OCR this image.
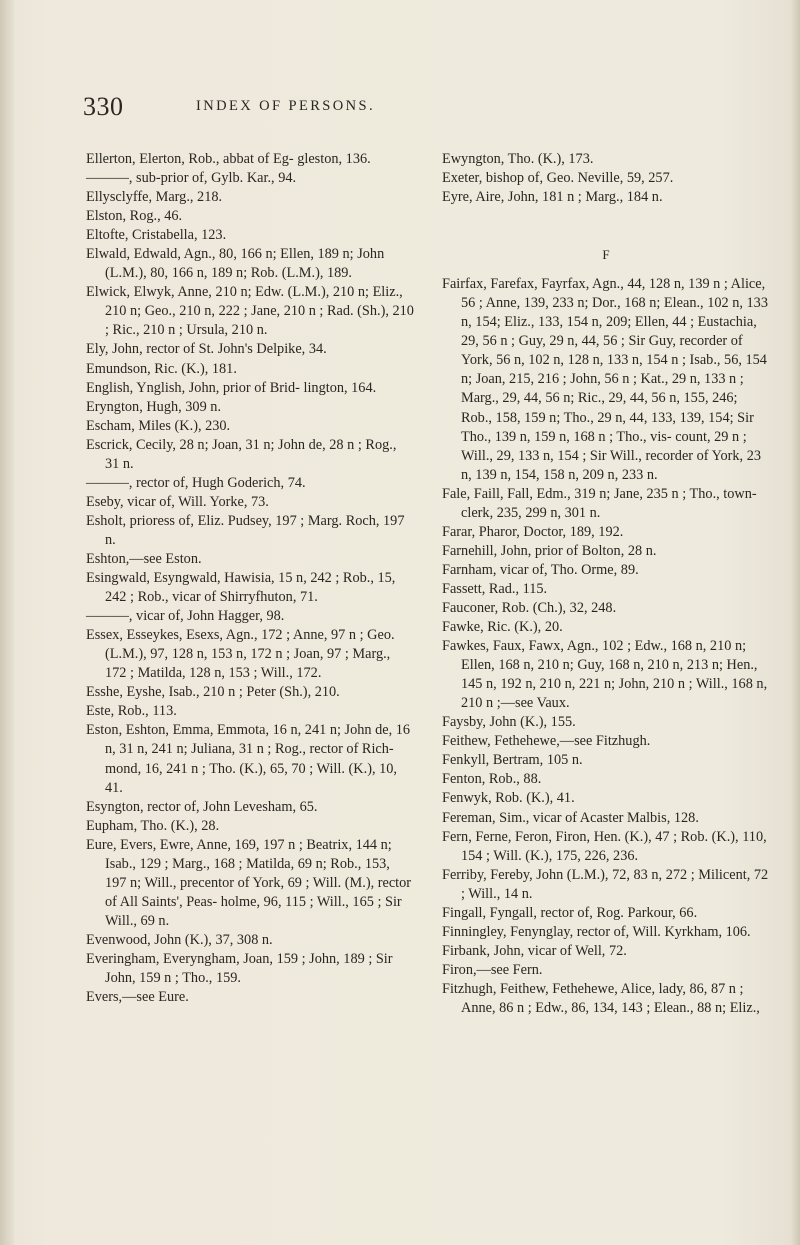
330	INDEX OF PERSONS.

Ellerton, Elerton, Rob., abbat of Eg- gleston, 136.

———, sub-prior of, Gylb. Kar., 94.

Ellysclyffe, Marg., 218.

Elston, Rog., 46.

Eltofte, Cristabella, 123.

Elwald, Edwald, Agn., 80, 166 n; Ellen, 189 n; John (L.M.), 80, 166 n, 189 n; Rob. (L.M.), 189.

Elwick, Elwyk, Anne, 210 n; Edw. (L.M.), 210 n; Eliz., 210 n; Geo., 210 n, 222 ; Jane, 210 n ; Rad. (Sh.), 210 ; Ric., 210 n ; Ursula, 210 n.

Ely, John, rector of St. John's Delpike, 34.

Emundson, Ric. (K.), 181.

English, Ynglish, John, prior of Brid- lington, 164.

Eryngton, Hugh, 309 n.

Escham, Miles (K.), 230.

Escrick, Cecily, 28 n; Joan, 31 n; John de, 28 n ; Rog., 31 n.

———, rector of, Hugh Goderich, 74.

Eseby, vicar of, Will. Yorke, 73.

Esholt, prioress of, Eliz. Pudsey, 197 ; Marg. Roch, 197 n.

Eshton,—see Eston.

Esingwald, Esyngwald, Hawisia, 15 n, 242 ; Rob., 15, 242 ; Rob., vicar of Shirryfhuton, 71.

———, vicar of, John Hagger, 98.

Essex, Esseykes, Esexs, Agn., 172 ; Anne, 97 n ; Geo. (L.M.), 97, 128 n, 153 n, 172 n ; Joan, 97 ; Marg., 172 ; Matilda, 128 n, 153 ; Will., 172.

Esshe, Eyshe, Isab., 210 n ; Peter (Sh.), 210.

Este, Rob., 113.

Eston, Eshton, Emma, Emmota, 16 n, 241 n; John de, 16 n, 31 n, 241 n; Juliana, 31 n ; Rog., rector of Rich- mond, 16, 241 n ; Tho. (K.), 65, 70 ; Will. (K.), 10, 41.

Esyngton, rector of, John Levesham, 65.

Eupham, Tho. (K.), 28.

Eure, Evers, Ewre, Anne, 169, 197 n ; Beatrix, 144 n; Isab., 129 ; Marg., 168 ; Matilda, 69 n; Rob., 153, 197 n; Will., precentor of York, 69 ; Will. (M.), rector of All Saints', Peas- holme, 96, 115 ; Will., 165 ; Sir Will., 69 n.

Evenwood, John (K.), 37, 308 n.

Everingham, Everyngham, Joan, 159 ; John, 189 ; Sir John, 159 n ; Tho., 159.

Evers,—see Eure.

Ewyngton, Tho. (K.), 173.

Exeter, bishop of, Geo. Neville, 59, 257.

Eyre, Aire, John, 181 n ; Marg., 184 n.

F

Fairfax, Farefax, Fayrfax, Agn., 44, 128 n, 139 n ; Alice, 56 ; Anne, 139, 233 n; Dor., 168 n; Elean., 102 n, 133 n, 154; Eliz., 133, 154 n, 209; Ellen, 44 ; Eustachia, 29, 56 n ; Guy, 29 n, 44, 56 ; Sir Guy, recorder of York, 56 n, 102 n, 128 n, 133 n, 154 n ; Isab., 56, 154 n; Joan, 215, 216 ; John, 56 n ; Kat., 29 n, 133 n ; Marg., 29, 44, 56 n; Ric., 29, 44, 56 n, 155, 246; Rob., 158, 159 n; Tho., 29 n, 44, 133, 139, 154; Sir Tho., 139 n, 159 n, 168 n ; Tho., vis- count, 29 n ; Will., 29, 133 n, 154 ; Sir Will., recorder of York, 23 n, 139 n, 154, 158 n, 209 n, 233 n.

Fale, Faill, Fall, Edm., 319 n; Jane, 235 n ; Tho., town-clerk, 235, 299 n, 301 n.

Farar, Pharor, Doctor, 189, 192.

Farnehill, John, prior of Bolton, 28 n.

Farnham, vicar of, Tho. Orme, 89.

Fassett, Rad., 115.

Fauconer, Rob. (Ch.), 32, 248.

Fawke, Ric. (K.), 20.

Fawkes, Faux, Fawx, Agn., 102 ; Edw., 168 n, 210 n; Ellen, 168 n, 210 n; Guy, 168 n, 210 n, 213 n; Hen., 145 n, 192 n, 210 n, 221 n; John, 210 n ; Will., 168 n, 210 n ;—see Vaux.

Faysby, John (K.), 155.

Feithew, Fethehewe,—see Fitzhugh.

Fenkyll, Bertram, 105 n.

Fenton, Rob., 88.

Fenwyk, Rob. (K.), 41.

Fereman, Sim., vicar of Acaster Malbis, 128.

Fern, Ferne, Feron, Firon, Hen. (K.), 47 ; Rob. (K.), 110, 154 ; Will. (K.), 175, 226, 236.

Ferriby, Fereby, John (L.M.), 72, 83 n, 272 ; Milicent, 72 ; Will., 14 n.

Fingall, Fyngall, rector of, Rog. Parkour, 66.

Finningley, Fenynglay, rector of, Will. Kyrkham, 106.

Firbank, John, vicar of Well, 72.

Firon,—see Fern.

Fitzhugh, Feithew, Fethehewe, Alice, lady, 86, 87 n ; Anne, 86 n ; Edw., 86, 134, 143 ; Elean., 88 n; Eliz.,
